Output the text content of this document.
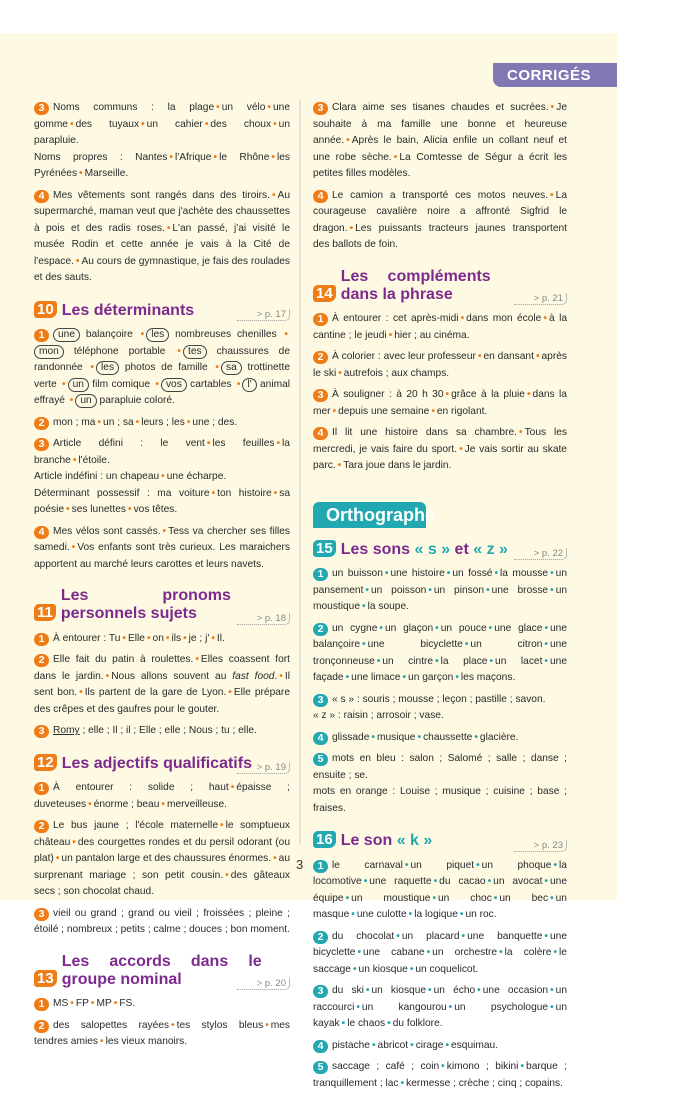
CORRIGÉS

3 Noms communs : la plage • un vélo • une gomme • des tuyaux • un cahier • des choux • un parapluie.
Noms propres : Nantes • l'Afrique • le Rhône • les Pyrénées • Marseille.

4 Mes vêtements sont rangés dans des tiroirs. • Au supermarché, maman veut que j'achète des chaussettes à pois et des radis roses. • L'an passé, j'ai visité le musée Rodin et cette année je vais à la Cité de l'espace. • Au cours de gymnastique, je fais des roulades et des sauts.

10 Les déterminants	> p. 17

1 une balançoire • les nombreuses chenilles •mon téléphone portable • tes chaussures de randonnée • les photos de famille • sa trottinette verte • un film comique • vos cartables • l' animal effrayé • un parapluie coloré.

2 mon ; ma • un ; sa • leurs ; les • une ; des.

3 Article défini : le vent • les feuilles • la branche • l'étoile.
Article indéfini : un chapeau • une écharpe.
Déterminant possessif : ma voiture • ton histoire • sa poésie • ses lunettes • vos têtes.

4 Mes vélos sont cassés. • Tess va chercher ses filles samedi. • Vos enfants sont très curieux. Les maraichers apportent au marché leurs carottes et leurs navets.

11Les pronoms personnels sujets	> p. 18

1 À entourer : Tu • Elle • on • ils • je ; j' • Il.

2 Elle fait du patin à roulettes. • Elles coassent fort dans le jardin. • Nous allons souvent au fast food. • Il sent bon. • Ils partent de la gare de Lyon. • Elle prépare des crêpes et des gaufres pour le gouter.

3 Romy ; elle ; Il ; il ; Elle ; elle ; Nous ; tu ; elle.

12 Les adjectifs qualificatifs > p. 19

1 À entourer : solide ; haut • épaisse ; duveteuses • énorme ; beau • merveilleuse.

2 Le bus jaune ; l'école maternelle • le somptueux château • des courgettes rondes et du persil odorant (ou plat) • un pantalon large et des chaussures énormes. • au surprenant mariage ; son petit cousin. • des gâteaux secs ; son chocolat chaud.

3 vieil ou grand ; grand ou vieil ; froissées ; pleine ; étoilé ; nombreux ; petits ; calme ; douces ; bon moment.

13Les accords dans le groupe nominal	> p. 20

1 MS • FP • MP • FS.

2 des salopettes rayées • tes stylos bleus • mes tendres amies • les vieux manoirs.

3 Clara aime ses tisanes chaudes et sucrées. • Je souhaite à ma famille une bonne et heureuse année. • Après le bain, Alicia enfile un collant neuf et une robe sèche. • La Comtesse de Ségur a écrit les petites filles modèles.

4 Le camion a transporté ces motos neuves. • La courageuse cavalière noire a affronté Sigfrid le dragon. • Les puissants tracteurs jaunes transportent des ballots de foin.

14Les compléments dans la phrase	> p. 21

1 À entourer : cet après-midi • dans mon école • à la cantine ; le jeudi • hier ; au cinéma.

2 À colorier : avec leur professeur • en dansant • après le ski • autrefois ; aux champs.

3 À souligner : à 20 h 30 • grâce à la pluie • dans la mer • depuis une semaine • en rigolant.

4 Il lit une histoire dans sa chambre. • Tous les mercredi, je vais faire du sport. • Je vais sortir au skate parc. • Tara joue dans le jardin.

Orthographe
15 Les sons « s » et « z »	> p. 22

1 un buisson • une histoire • un fossé • la mousse • un pansement • un poisson • un pinson • une brosse • un moustique • la soupe.

2 un cygne • un glaçon • un pouce • une glace • une balançoire • une bicyclette • un citron • une tronçonneuse • un cintre • la place • un lacet • une façade • une limace • un garçon • les maçons.

3 « s » : souris ; mousse ; leçon ; pastille ; savon.
« z » : raisin ; arrosoir ; vase.

4 glissade • musique • chaussette • glacière.

5 mots en bleu : salon ; Salomé ; salle ; danse ; ensuite ; se.
mots en orange : Louise ; musique ; cuisine ; base ; fraises.

16 Le son « k »	> p. 23

1 le carnaval • un piquet • un phoque • la locomotive • une raquette • du cacao • un avocat • une équipe • un moustique • un choc • un bec • un masque • une culotte • la logique • un roc.

2 du chocolat • un placard • une banquette • une bicyclette • une cabane • un orchestre • la colère • le saccage • un kiosque • un coquelicot.

3 du ski • un kiosque • un écho • une occasion • un raccourci • un kangourou • un psychologue • un kayak • le chaos • du folklore.

4 pistache • abricot • cirage • esquimau.

5 saccage ; café ; coin • kimono ; bikini • barque ; tranquillement ; lac • kermesse ; crèche ; cinq ; copains.

3
